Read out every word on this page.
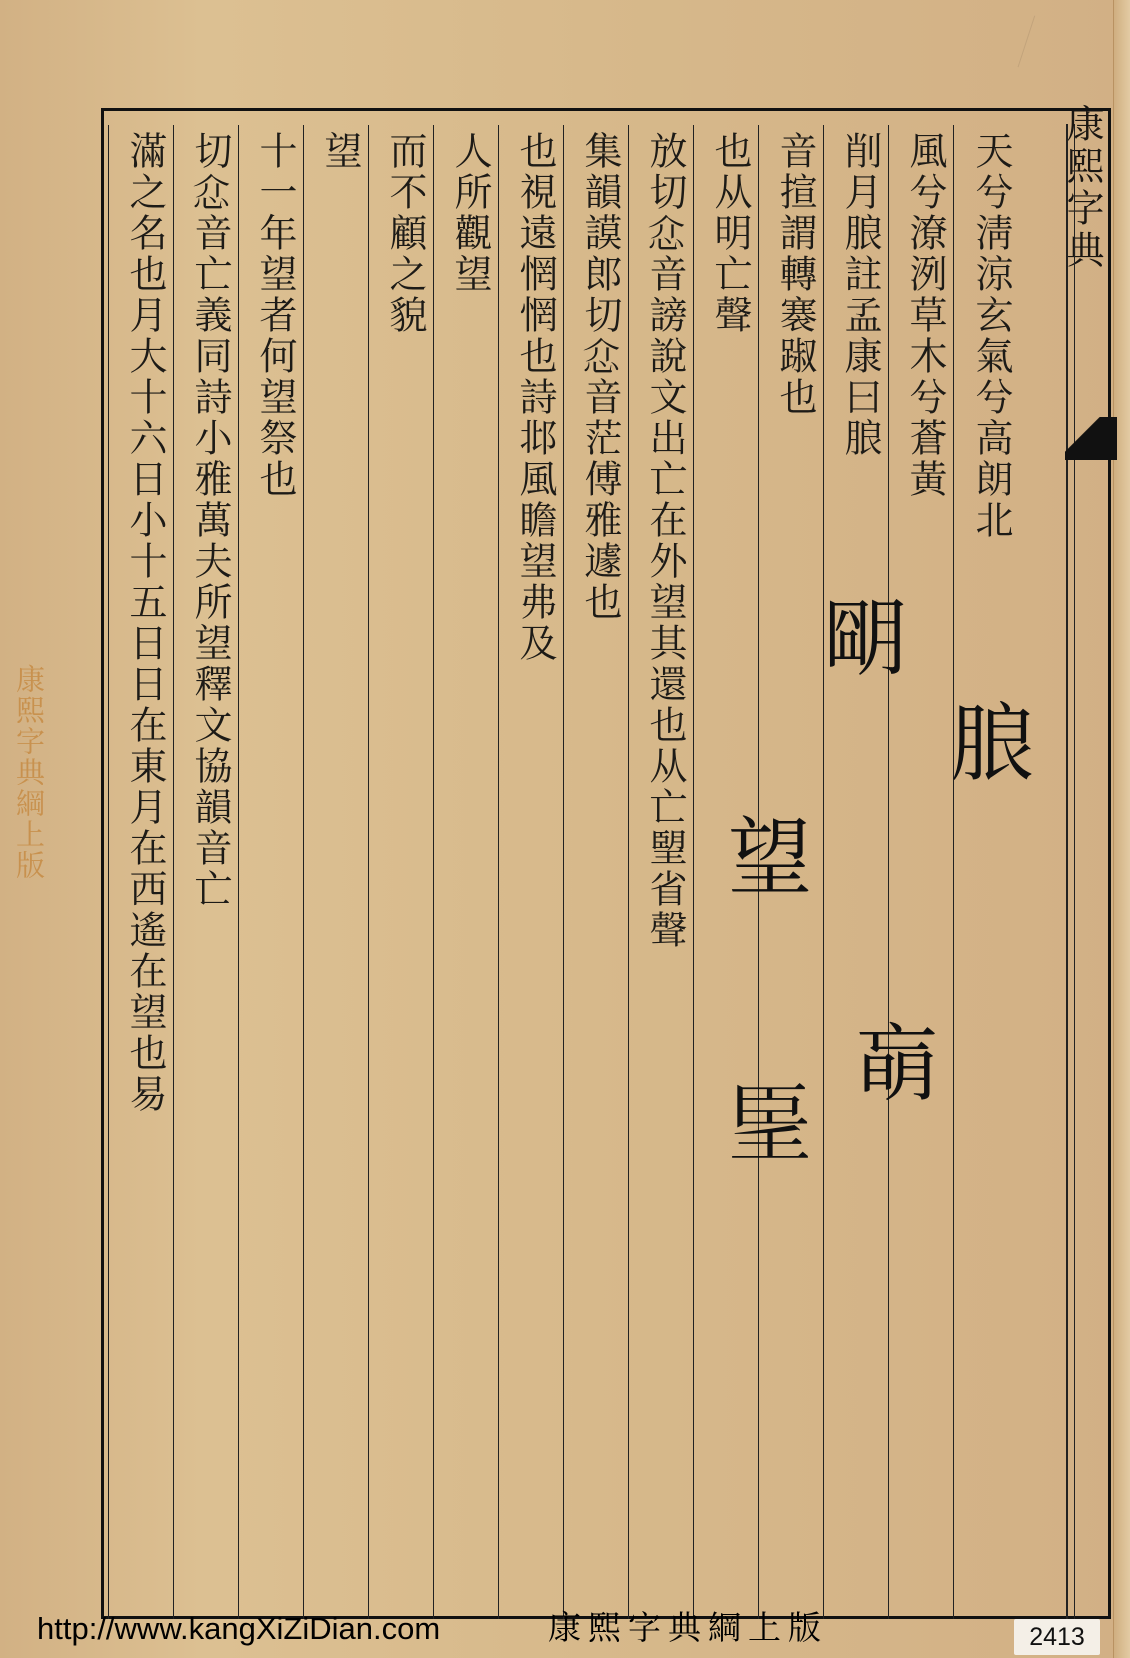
康熙字典
康熙字典綱上版
天兮淸涼玄氣兮高朗北
風兮潦洌草木兮蒼黃
削月朖註孟康曰朖
音揎謂轉褰踧也
也从明亡聲
放切𢗊音謗說文出亡在外望其還也从亡朢省聲
集韻謨郎切𢗊音茫傅雅遽也
也視遠惘惘也詩邶風瞻望弗及
人所觀望
而不顧之貌
望
十一年望者何望祭也
切𢗊音亡義同詩小雅萬夫所望釋文協韻音亡
滿之名也月大十六日小十五日日在東月在西遙在望也易	朖
朙
望
𦣠
朚
http://www.kangXiZiDian.com	康熙字典綱上版	2413
